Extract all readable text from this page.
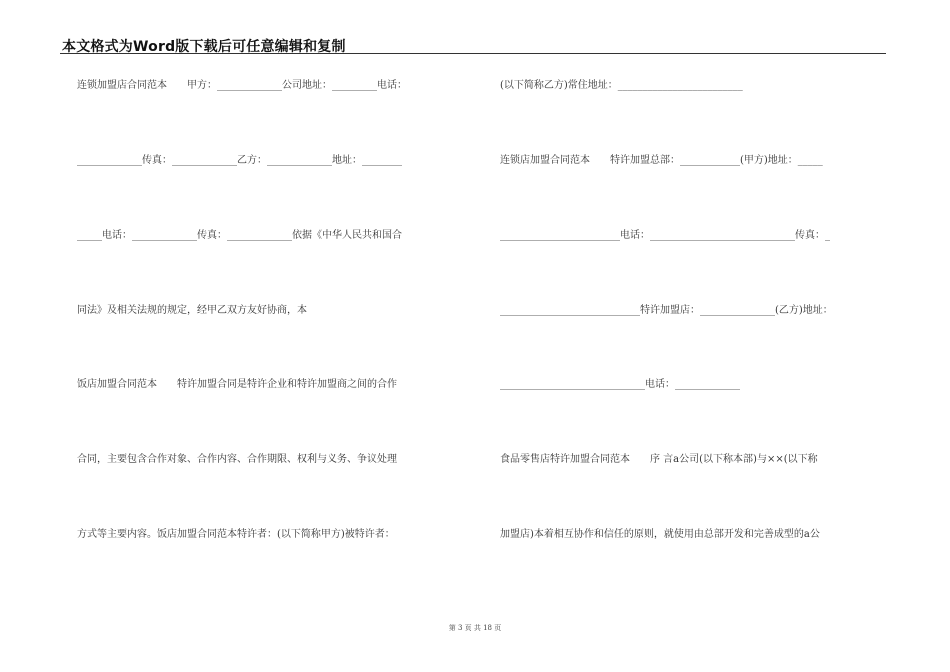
本文格式为Word版下载后可任意编辑和复制
连锁加盟店合同范本　　甲方：_____________公司地址：_________电话：
_____________传真：_____________乙方：_____________地址：________
_____电话：_____________传真：_____________依据《中华人民共和国合
同法》及相关法规的规定，经甲乙双方友好协商，本
饭店加盟合同范本　　特许加盟合同是特许企业和特许加盟商之间的合作
合同，主要包含合作对象、合作内容、合作期限、权利与义务、争议处理
方式等主要内容。饭店加盟合同范本特许者：(以下简称甲方)被特许者：
(以下简称乙方)常住地址：_________________________
连锁店加盟合同范本　　特许加盟总部：____________(甲方)地址：_____
________________________电话：_____________________________传真：_
____________________________特许加盟店：_______________(乙方)地址：
_____________________________电话：_____________
食品零售店特许加盟合同范本　　序 言a公司(以下称本部)与××(以下称
加盟店)本着相互协作和信任的原则，就使用由总部开发和完善成型的a公
第 3 页 共 18 页
